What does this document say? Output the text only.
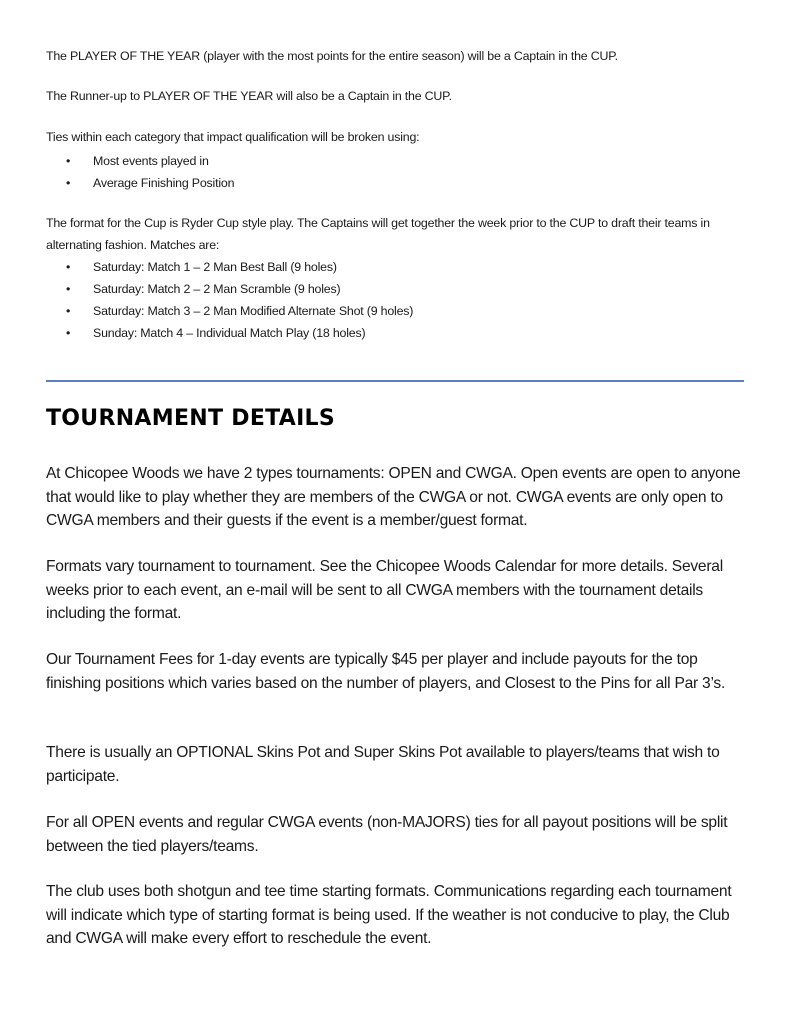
The PLAYER OF THE YEAR (player with the most points for the entire season) will be a Captain in the CUP.

The Runner-up to PLAYER OF THE YEAR will also be a Captain in the CUP.

Ties within each category that impact qualification will be broken using:

• Most events played in
• Average Finishing Position

The format for the Cup is Ryder Cup style play. The Captains will get together the week prior to the CUP to draft their teams in alternating fashion. Matches are:

• Saturday: Match 1 – 2 Man Best Ball (9 holes)
• Saturday: Match 2 – 2 Man Scramble (9 holes)
• Saturday: Match 3 – 2 Man Modified Alternate Shot (9 holes)
• Sunday: Match 4 – Individual Match Play (18 holes)
TOURNAMENT DETAILS

At Chicopee Woods we have 2 types tournaments: OPEN and CWGA. Open events are open to anyone that would like to play whether they are members of the CWGA or not. CWGA events are only open to CWGA members and their guests if the event is a member/guest format.

Formats vary tournament to tournament. See the Chicopee Woods Calendar for more details. Several weeks prior to each event, an e-mail will be sent to all CWGA members with the tournament details including the format.

Our Tournament Fees for 1-day events are typically $45 per player and include payouts for the top finishing positions which varies based on the number of players, and Closest to the Pins for all Par 3’s.

There is usually an OPTIONAL Skins Pot and Super Skins Pot available to players/teams that wish to participate.

For all OPEN events and regular CWGA events (non-MAJORS) ties for all payout positions will be split between the tied players/teams.

The club uses both shotgun and tee time starting formats. Communications regarding each tournament will indicate which type of starting format is being used. If the weather is not conducive to play, the Club and CWGA will make every effort to reschedule the event.
